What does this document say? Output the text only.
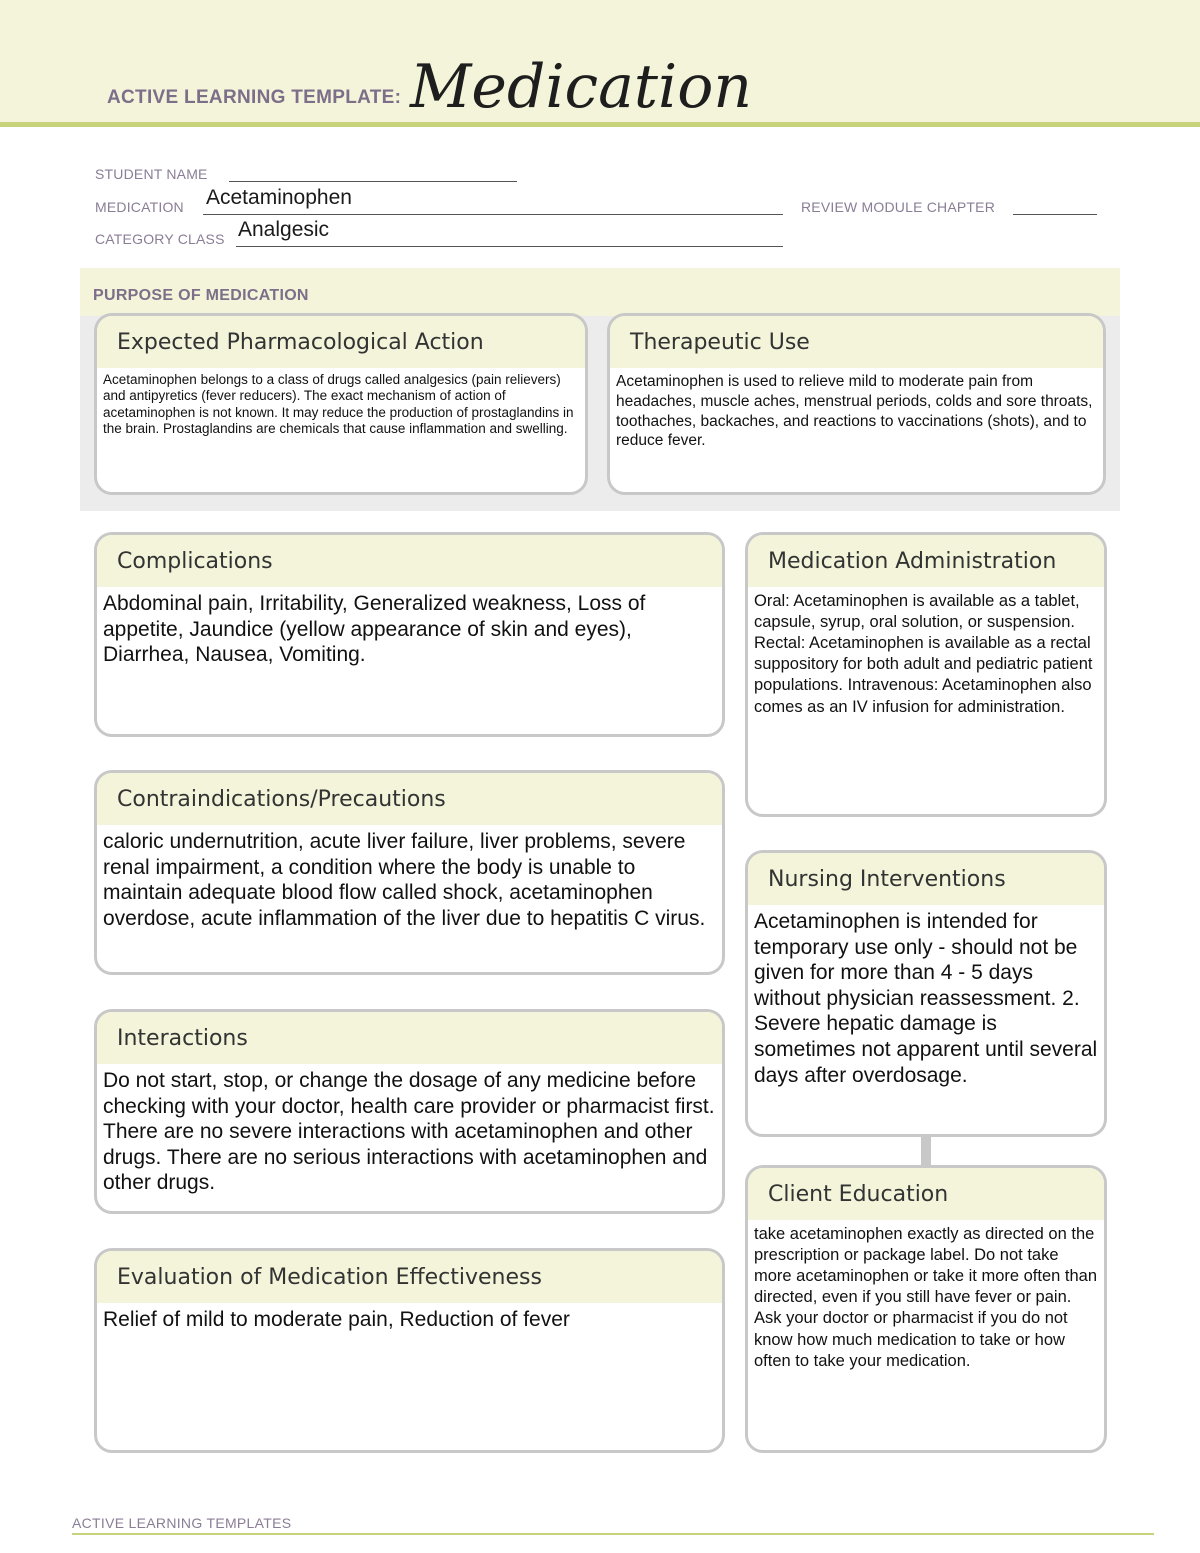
ACTIVE LEARNING TEMPLATE: Medication
STUDENT NAME
MEDICATION Acetaminophen	REVIEW MODULE CHAPTER
CATEGORY CLASS Analgesic
PURPOSE OF MEDICATION
Expected Pharmacological Action
Acetaminophen belongs to a class of drugs called analgesics (pain relievers) and antipyretics (fever reducers). The exact mechanism of action of acetaminophen is not known. It may reduce the production of prostaglandins in the brain. Prostaglandins are chemicals that cause inflammation and swelling.
Therapeutic Use
Acetaminophen is used to relieve mild to moderate pain from headaches, muscle aches, menstrual periods, colds and sore throats, toothaches, backaches, and reactions to vaccinations (shots), and to reduce fever.
Complications
Abdominal pain, Irritability, Generalized weakness, Loss of appetite, Jaundice (yellow appearance of skin and eyes), Diarrhea, Nausea, Vomiting.
Contraindications/Precautions
caloric undernutrition, acute liver failure, liver problems, severe renal impairment, a condition where the body is unable to maintain adequate blood flow called shock, acetaminophen overdose, acute inflammation of the liver due to hepatitis C virus.
Interactions
Do not start, stop, or change the dosage of any medicine before checking with your doctor, health care provider or pharmacist first. There are no severe interactions with acetaminophen and other drugs. There are no serious interactions with acetaminophen and other drugs.
Evaluation of Medication Effectiveness
Relief of mild to moderate pain, Reduction of fever
Medication Administration
Oral: Acetaminophen is available as a tablet, capsule, syrup, oral solution, or suspension. Rectal: Acetaminophen is available as a rectal suppository for both adult and pediatric patient populations. Intravenous: Acetaminophen also comes as an IV infusion for administration.
Nursing Interventions
Acetaminophen is intended for temporary use only - should not be given for more than 4 - 5 days without physician reassessment. 2. Severe hepatic damage is sometimes not apparent until several days after overdosage.
Client Education
take acetaminophen exactly as directed on the prescription or package label. Do not take more acetaminophen or take it more often than directed, even if you still have fever or pain. Ask your doctor or pharmacist if you do not know how much medication to take or how often to take your medication.
ACTIVE LEARNING TEMPLATES
